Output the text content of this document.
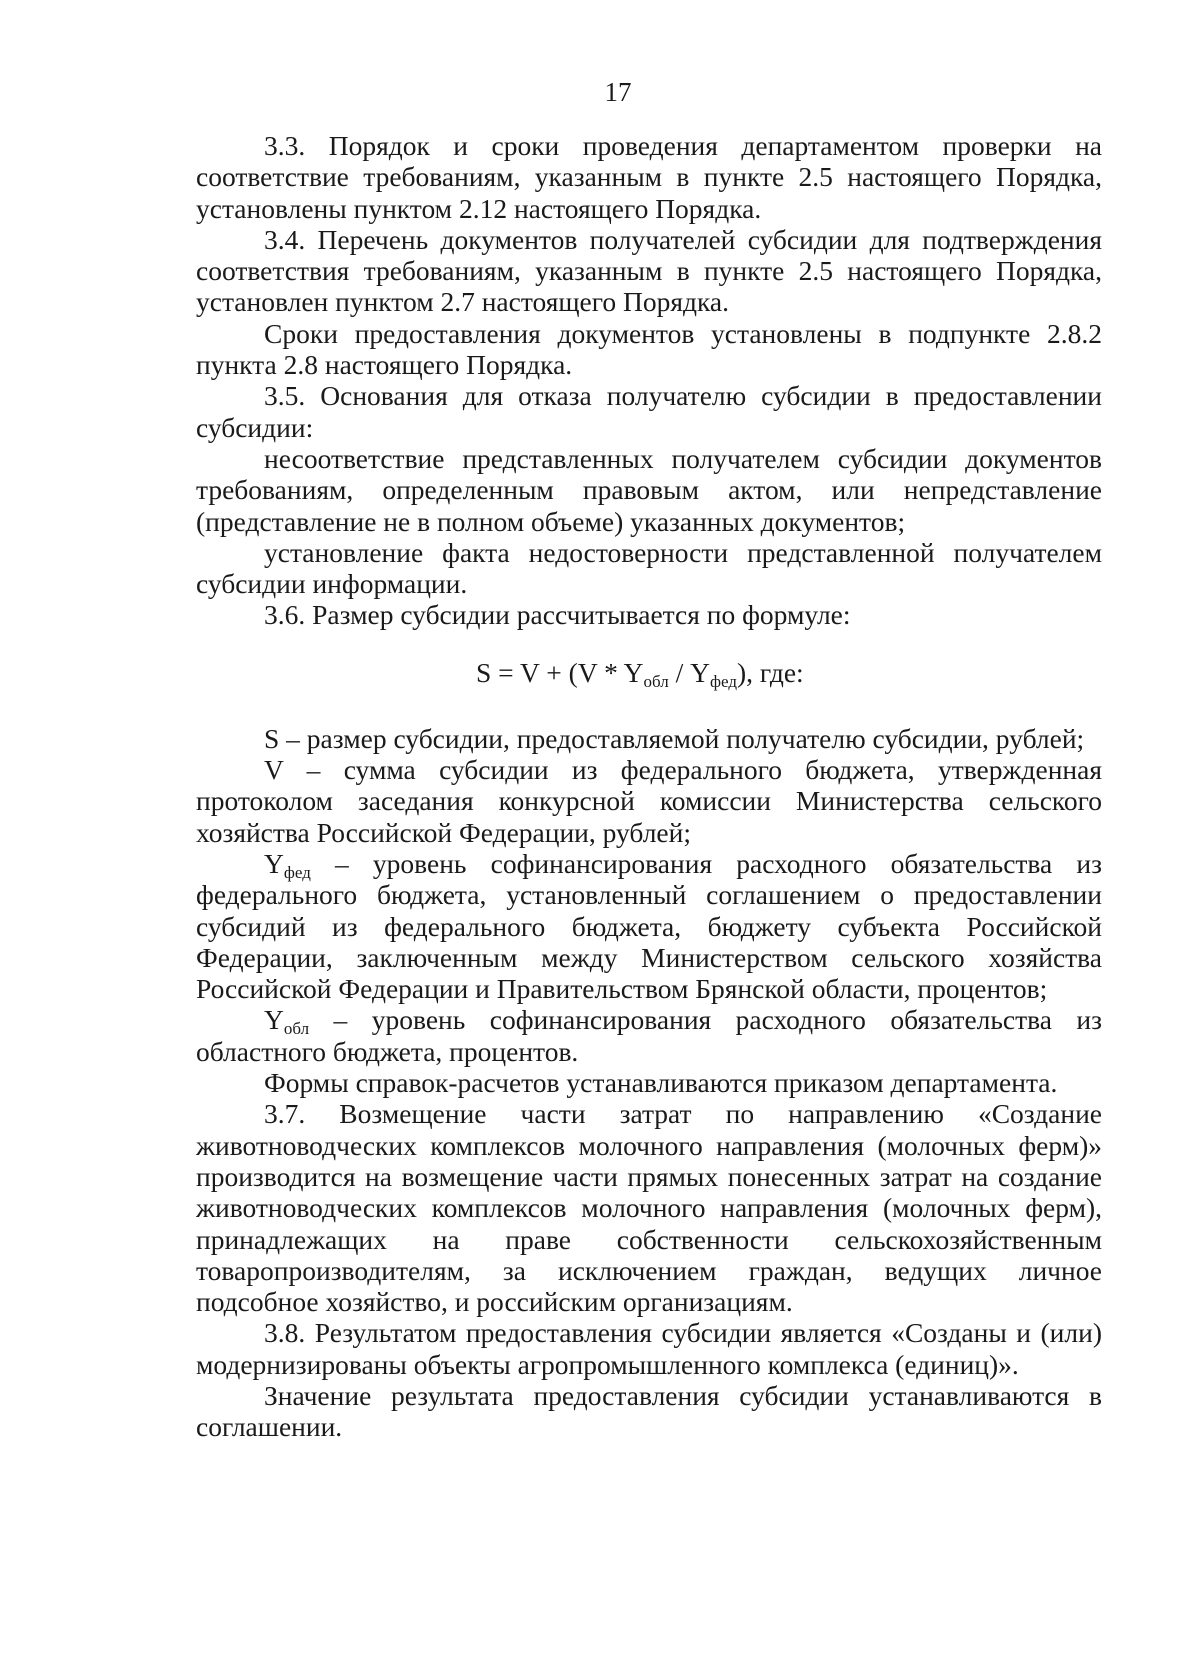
17

3.3. Порядок и сроки проведения департаментом проверки на соответствие требованиям, указанным в пункте 2.5 настоящего Порядка, установлены пунктом 2.12 настоящего Порядка.

3.4. Перечень документов получателей субсидии для подтверждения соответствия требованиям, указанным в пункте 2.5 настоящего Порядка, установлен пунктом 2.7 настоящего Порядка.

Сроки предоставления документов установлены в подпункте 2.8.2 пункта 2.8 настоящего Порядка.

3.5. Основания для отказа получателю субсидии в предоставлении субсидии:

несоответствие представленных получателем субсидии документов требованиям, определенным правовым актом, или непредставление (представление не в полном объеме) указанных документов;

установление факта недостоверности представленной получателем субсидии информации.

3.6. Размер субсидии рассчитывается по формуле:

$S = V + (V * Y_{обл} / Y_{фед})$, где:

S – размер субсидии, предоставляемой получателю субсидии, рублей;

V – сумма субсидии из федерального бюджета, утвержденная протоколом заседания конкурсной комиссии Министерства сельского хозяйства Российской Федерации, рублей;

$Y_{фед}$ – уровень софинансирования расходного обязательства из федерального бюджета, установленный соглашением о предоставлении субсидий из федерального бюджета, бюджету субъекта Российской Федерации, заключенным между Министерством сельского хозяйства Российской Федерации и Правительством Брянской области, процентов;

$Y_{обл}$ – уровень софинансирования расходного обязательства из областного бюджета, процентов.

Формы справок-расчетов устанавливаются приказом департамента.

3.7. Возмещение части затрат по направлению «Создание животноводческих комплексов молочного направления (молочных ферм)» производится на возмещение части прямых понесенных затрат на создание животноводческих комплексов молочного направления (молочных ферм), принадлежащих на праве собственности сельскохозяйственным товаропроизводителям, за исключением граждан, ведущих личное подсобное хозяйство, и российским организациям.

3.8. Результатом предоставления субсидии является «Созданы и (или) модернизированы объекты агропромышленного комплекса (единиц)».

Значение результата предоставления субсидии устанавливаются в соглашении.
